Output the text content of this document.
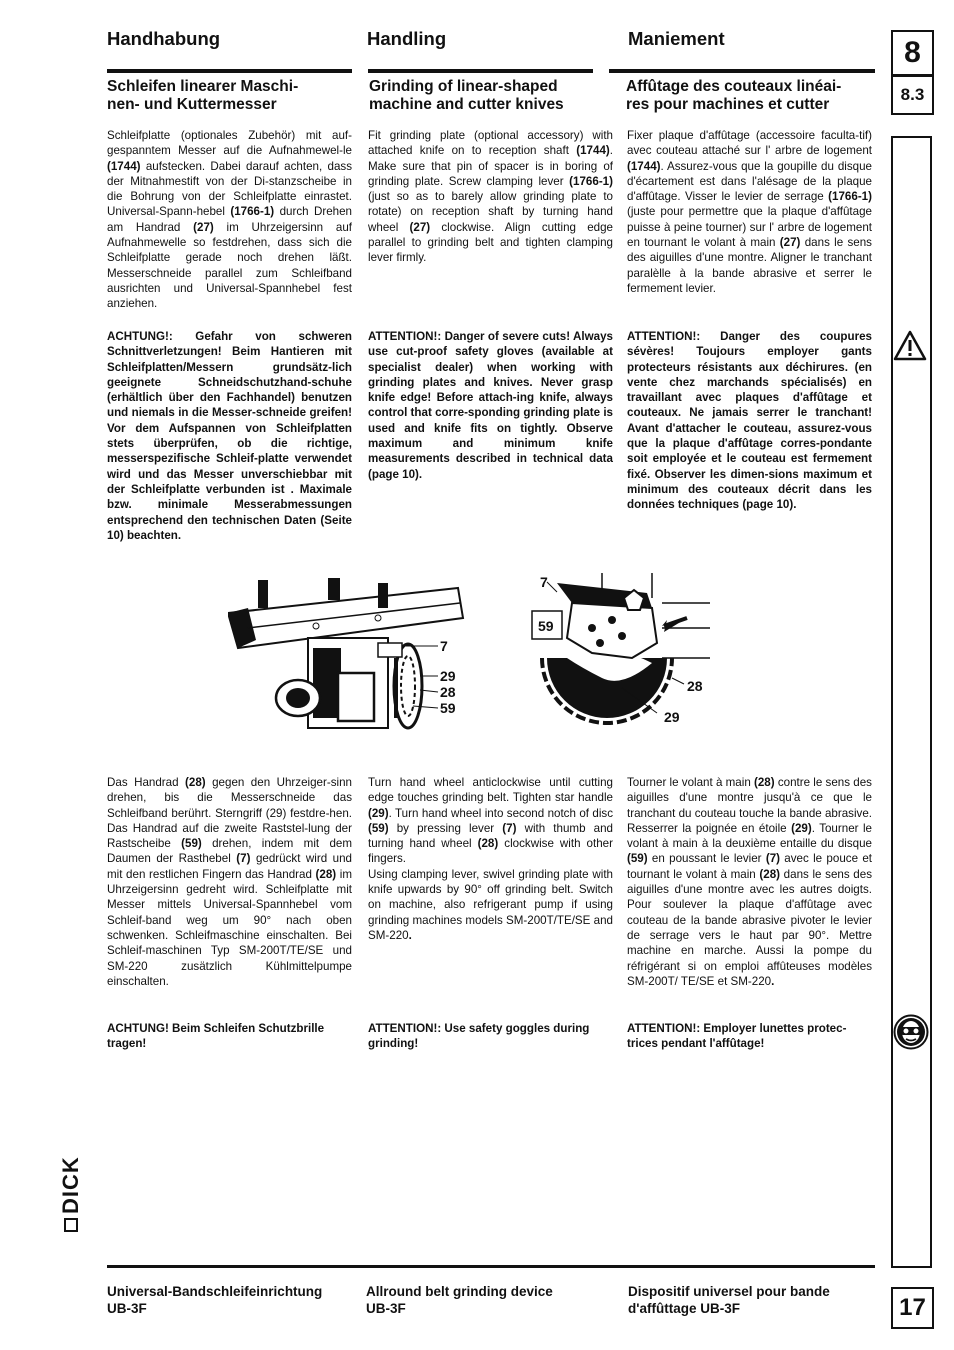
Handhabung	Handling	Maniement	8
8.3
Schleifen linearer Maschi-
nen- und Kuttermesser
Grinding of linear-shaped
machine and cutter knives
Affûtage des couteaux linéai-
res pour machines et cutter
Schleifplatte (optionales Zubehör) mit auf-gespanntem Messer auf die Aufnahmewel-le (1744) aufstecken. Dabei darauf achten, dass der Mitnahmestift von der Di-stanzscheibe in die Bohrung von der Schleifplatte einrastet. Universal-Spann-hebel (1766-1) durch Drehen am Handrad (27) im Uhrzeigersinn auf Aufnahmewelle so festdrehen, dass sich die Schleifplatte gerade noch drehen läßt. Messerschneide parallel zum Schleifband ausrichten und Universal-Spannhebel fest anziehen.
Fit grinding plate (optional accessory) with attached knife on to reception shaft (1744). Make sure that pin of spacer is in boring of grinding plate. Screw clamping lever (1766-1) (just so as to barely allow grinding plate to rotate) on reception shaft by turning hand wheel (27) clockwise. Align cutting edge parallel to grinding belt and tighten clamping lever firmly.
Fixer plaque d'affûtage (accessoire faculta-tif) avec couteau attaché sur l' arbre de logement (1744). Assurez-vous que la goupille du disque d'écartement est dans l'alésage de la plaque d'affûtage. Visser le levier de serrage (1766-1) (juste pour permettre que la plaque d'affûtage puisse à peine tourner) sur l' arbre de logement en tournant le volant à main (27) dans le sens des aiguilles d'une montre. Aligner le tranchant paralèlle à la bande abrasive et serrer le fermement levier.
ACHTUNG!: Gefahr von schweren Schnittverletzungen! Beim Hantieren mit Schleifplatten/Messern grundsätz-lich geeignete Schneidschutzhand-schuhe (erhältlich über den Fachhandel) benutzen und niemals in die Messer-schneide greifen! Vor dem Aufspannen von Schleifplatten stets überprüfen, ob die richtige, messerspezifische Schleif-platte verwendet wird und das Messer unverschiebbar mit der Schleifplatte verbunden ist . Maximale bzw. minimale Messerabmessungen entsprechend den technischen Daten (Seite 10) beachten.
ATTENTION!: Danger of severe cuts! Always use cut-proof safety gloves (available at specialist dealer) when working with grinding plates and knives. Never grasp knife edge! Before attach-ing knife, always control that corre-sponding grinding plate is used and knife fits on tightly. Observe maximum and minimum knife measurements described in technical data (page 10).
ATTENTION!: Danger des coupures sévères! Toujours employer gants protecteurs résistants aux déchirures. (en vente chez marchands spécialisés) en travaillant avec plaques d'affûtage et couteaux. Ne jamais serrer le tranchant! Avant d'attacher le couteau, assurez-vous que la plaque d'affûtage corres-pondante soit employée et le couteau est fermement fixé. Observer les dimen-sions maximum et minimum des couteaux décrit dans les données techniques (page 10).
7
29
28
59
7
59
28
29
Das Handrad (28) gegen den Uhrzeiger-sinn drehen, bis die Messerschneide das Schleifband berührt. Sterngriff (29) festdre-hen. Das Handrad auf die zweite Raststel-lung der Rastscheibe (59) drehen, indem mit dem Daumen der Rasthebel (7) gedrückt wird und mit den restlichen Fingern das Handrad (28) im Uhrzeigersinn gedreht wird. Schleifplatte mit Messer mittels Universal-Spannhebel vom Schleif-band weg um 90° nach oben schwenken. Schleifmaschine einschalten. Bei Schleif-maschinen Typ SM-200T/TE/SE und SM-220 zusätzlich Kühlmittelpumpe einschalten.
Turn hand wheel anticlockwise until cutting edge touches grinding belt. Tighten star handle (29). Turn hand wheel into second notch of disc (59) by pressing lever (7) with thumb and turning hand wheel (28) clockwise with other fingers.
Using clamping lever, swivel grinding plate with knife upwards by 90° off grinding belt. Switch on machine, also refrigerant pump if using grinding machines models SM-200T/TE/SE and SM-220.
Tourner le volant à main (28) contre le sens des aiguilles d'une montre jusqu'à ce que le tranchant du couteau touche la bande abrasive. Resserrer la poignée en étoile (29). Tourner le volant à main à la deuxième entaille du disque (59) en poussant le levier (7) avec le pouce et tournant le volant à main (28) dans le sens des aiguilles d'une montre avec les autres doigts. Pour soulever la plaque d'affûtage avec couteau de la bande abrasive pivoter le levier de serrage vers le haut par 90°. Mettre machine en marche. Aussi la pompe du réfrigérant si on emploi affûteuses modèles SM-200T/ TE/SE et SM-220.
ACHTUNG! Beim Schleifen Schutzbrille tragen!
ATTENTION!: Use safety goggles during grinding!
ATTENTION!: Employer lunettes protec-trices pendant l'affûtage!
DICK
Universal-Bandschleifeinrichtung
UB-3F
Allround belt grinding device
UB-3F
Dispositif universel pour bande
d'affûttage UB-3F	17
